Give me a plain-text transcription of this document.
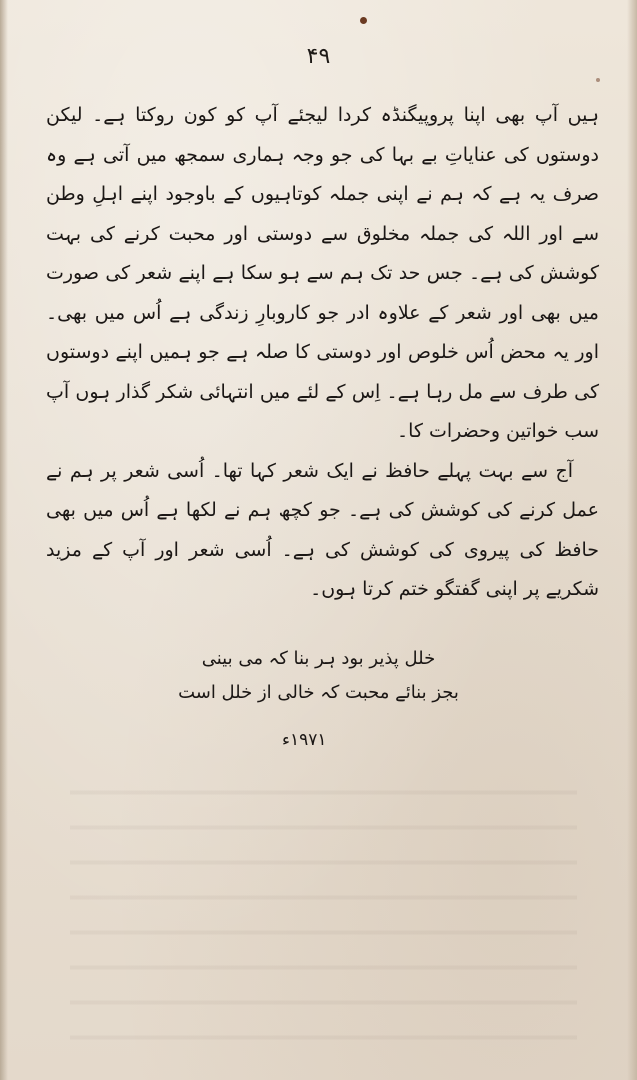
۴۹

ہیں آپ بھی اپنا پروپیگنڈہ کردا لیجئے آپ کو کون روکتا ہے۔ لیکن دوستوں کی عنایاتِ بے بہا کی جو وجہ ہماری سمجھ میں آتی ہے وہ صرف یہ ہے کہ ہم نے اپنی جملہ کوتاہیوں کے باوجود اپنے اہلِ وطن سے اور اللہ کی جملہ مخلوق سے دوستی اور محبت کرنے کی بہت کوشش کی ہے۔ جس حد تک ہم سے ہو سکا ہے اپنے شعر کی صورت میں بھی اور شعر کے علاوہ ادر جو کاروبارِ زندگی ہے اُس میں بھی۔ اور یہ محض اُس خلوص اور دوستی کا صلہ ہے جو ہمیں اپنے دوستوں کی طرف سے مل رہا ہے۔ اِس کے لئے میں انتہائی شکر گذار ہوں آپ سب خواتین وحضرات کا۔

آج سے بہت پہلے حافظ نے ایک شعر کہا تھا۔ اُسی شعر پر ہم نے عمل کرنے کی کوشش کی ہے۔ جو کچھ ہم نے لکھا ہے اُس میں بھی حافظ کی پیروی کی کوشش کی ہے۔ اُسی شعر اور آپ کے مزید شکریے پر اپنی گفتگو ختم کرتا ہوں۔

خلل پذیر بود ہر بنا کہ می بینی
بجز بنائے محبت کہ خالی از خلل است
۱۹۷۱ء
